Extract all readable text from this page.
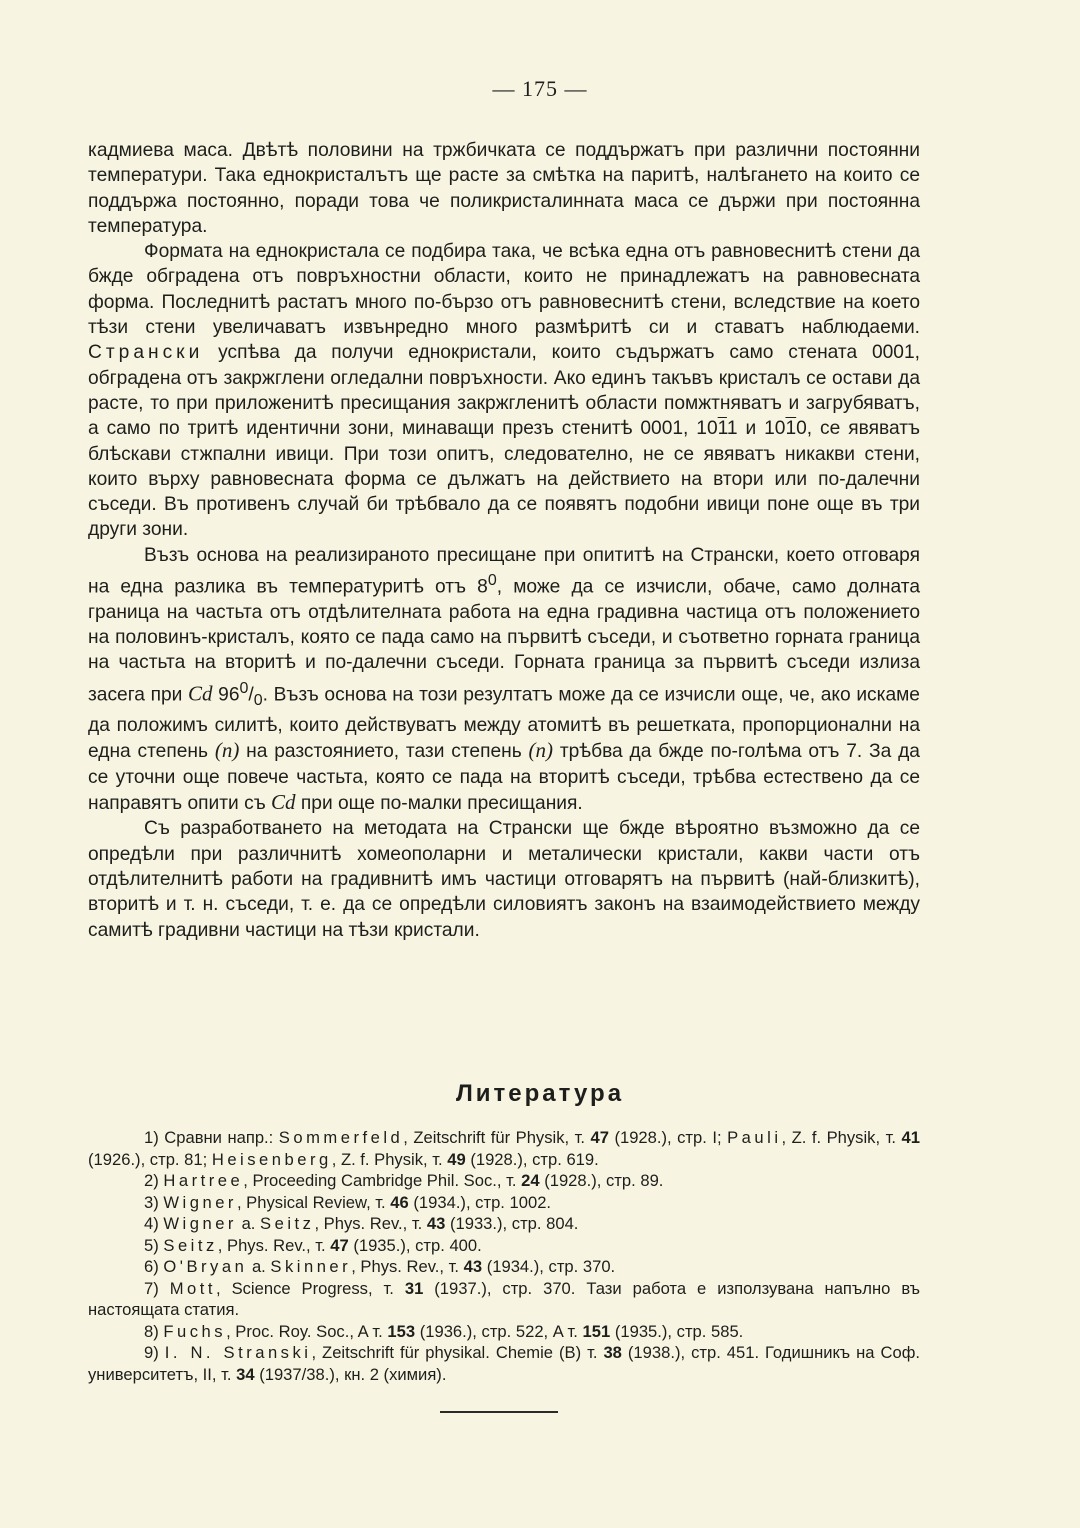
— 175 —

кадмиева маса. Двѣтѣ половини на тржбичката се поддържатъ при различни постоянни температури. Така еднокристалътъ ще расте за смѣтка на паритѣ, налѣгането на които се поддържа постоянно, поради това че поликристалинната маса се държи при постоянна температура.

Формата на еднокристала се подбира така, че всѣка една отъ равновеснитѣ стени да бжде обградена отъ повръхностни области, които не принадлежатъ на равновесната форма. Последнитѣ растатъ много по-бързо отъ равновеснитѣ стени, вследствие на което тѣзи стени увеличаватъ извънредно много размѣритѣ си и ставатъ наблюдаеми. Странски успѣва да получи еднокристали, които съдържатъ само стената 0001, обградена отъ закржглени огледални повръхности. Ако единъ такъвъ кристалъ се остави да расте, то при приложенитѣ пресищания закржгленитѣ области помжтняватъ и загрубяватъ, а само по тритѣ идентични зони, минаващи презъ стенитѣ 0001, 1011 и 1010, се явяватъ блѣскави стжпални ивици. При този опитъ, следователно, не се явяватъ никакви стени, които върху равновесната форма се дължатъ на действието на втори или по-далечни съседи. Въ противенъ случай би трѣбвало да се появятъ подобни ивици поне още въ три други зони.

Възъ основа на реализираното пресищане при опититѣ на Странски, което отговаря на една разлика въ температуритѣ отъ $8^0$, може да се изчисли, обаче, само долната граница на частьта отъ отдѣлителната работа на една градивна частица отъ положението на половинъ-кристалъ, която се пада само на първитѣ съседи, и съответно горната граница на частьта на вторитѣ и по-далечни съседи. Горната граница за първитѣ съседи излиза засега при Cd $96^0/_0$. Възъ основа на този резултатъ може да се изчисли още, че, ако искаме да положимъ силитѣ, които действуватъ между атомитѣ въ решетката, пропорционални на една степень (n) на разстоянието, тази степень (n) трѣбва да бжде по-голѣма отъ 7. За да се уточни още повече частьта, която се пада на вторитѣ съседи, трѣбва естествено да се направятъ опити съ Cd при още по-малки пресищания.

Съ разработването на методата на Странски ще бжде вѣроятно възможно да се опредѣли при различнитѣ хомеополарни и металически кристали, какви части отъ отдѣлителнитѣ работи на градивнитѣ имъ частици отговарятъ на първитѣ (най-близкитѣ), вторитѣ и т. н. съседи, т. е. да се опредѣли силовиятъ законъ на взаимодействието между самитѣ градивни частици на тѣзи кристали.

Литература

1) Сравни напр.: Sommerfeld, Zeitschrift für Physik, т. 47 (1928.), стр. I; Pauli, Z. f. Physik, т. 41 (1926.), стр. 81; Heisenberg, Z. f. Physik, т. 49 (1928.), стр. 619.

2) Hartree, Proceeding Cambridge Phil. Soc., т. 24 (1928.), стр. 89.

3) Wigner, Physical Review, т. 46 (1934.), стр. 1002.

4) Wigner a. Seitz, Phys. Rev., т. 43 (1933.), стр. 804.

5) Seitz, Phys. Rev., т. 47 (1935.), стр. 400.

6) O'Bryan a. Skinner, Phys. Rev., т. 43 (1934.), стр. 370.

7) Mott, Science Progress, т. 31 (1937.), стр. 370. Тази работа е използувана напълно въ настоящата статия.

8) Fuchs, Proc. Roy. Soc., A т. 153 (1936.), стр. 522, A т. 151 (1935.), стр. 585.

9) I. N. Stranski, Zeitschrift für physikal. Chemie (B) т. 38 (1938.), стр. 451. Годишникъ на Соф. университетъ, II, т. 34 (1937/38.), кн. 2 (химия).
